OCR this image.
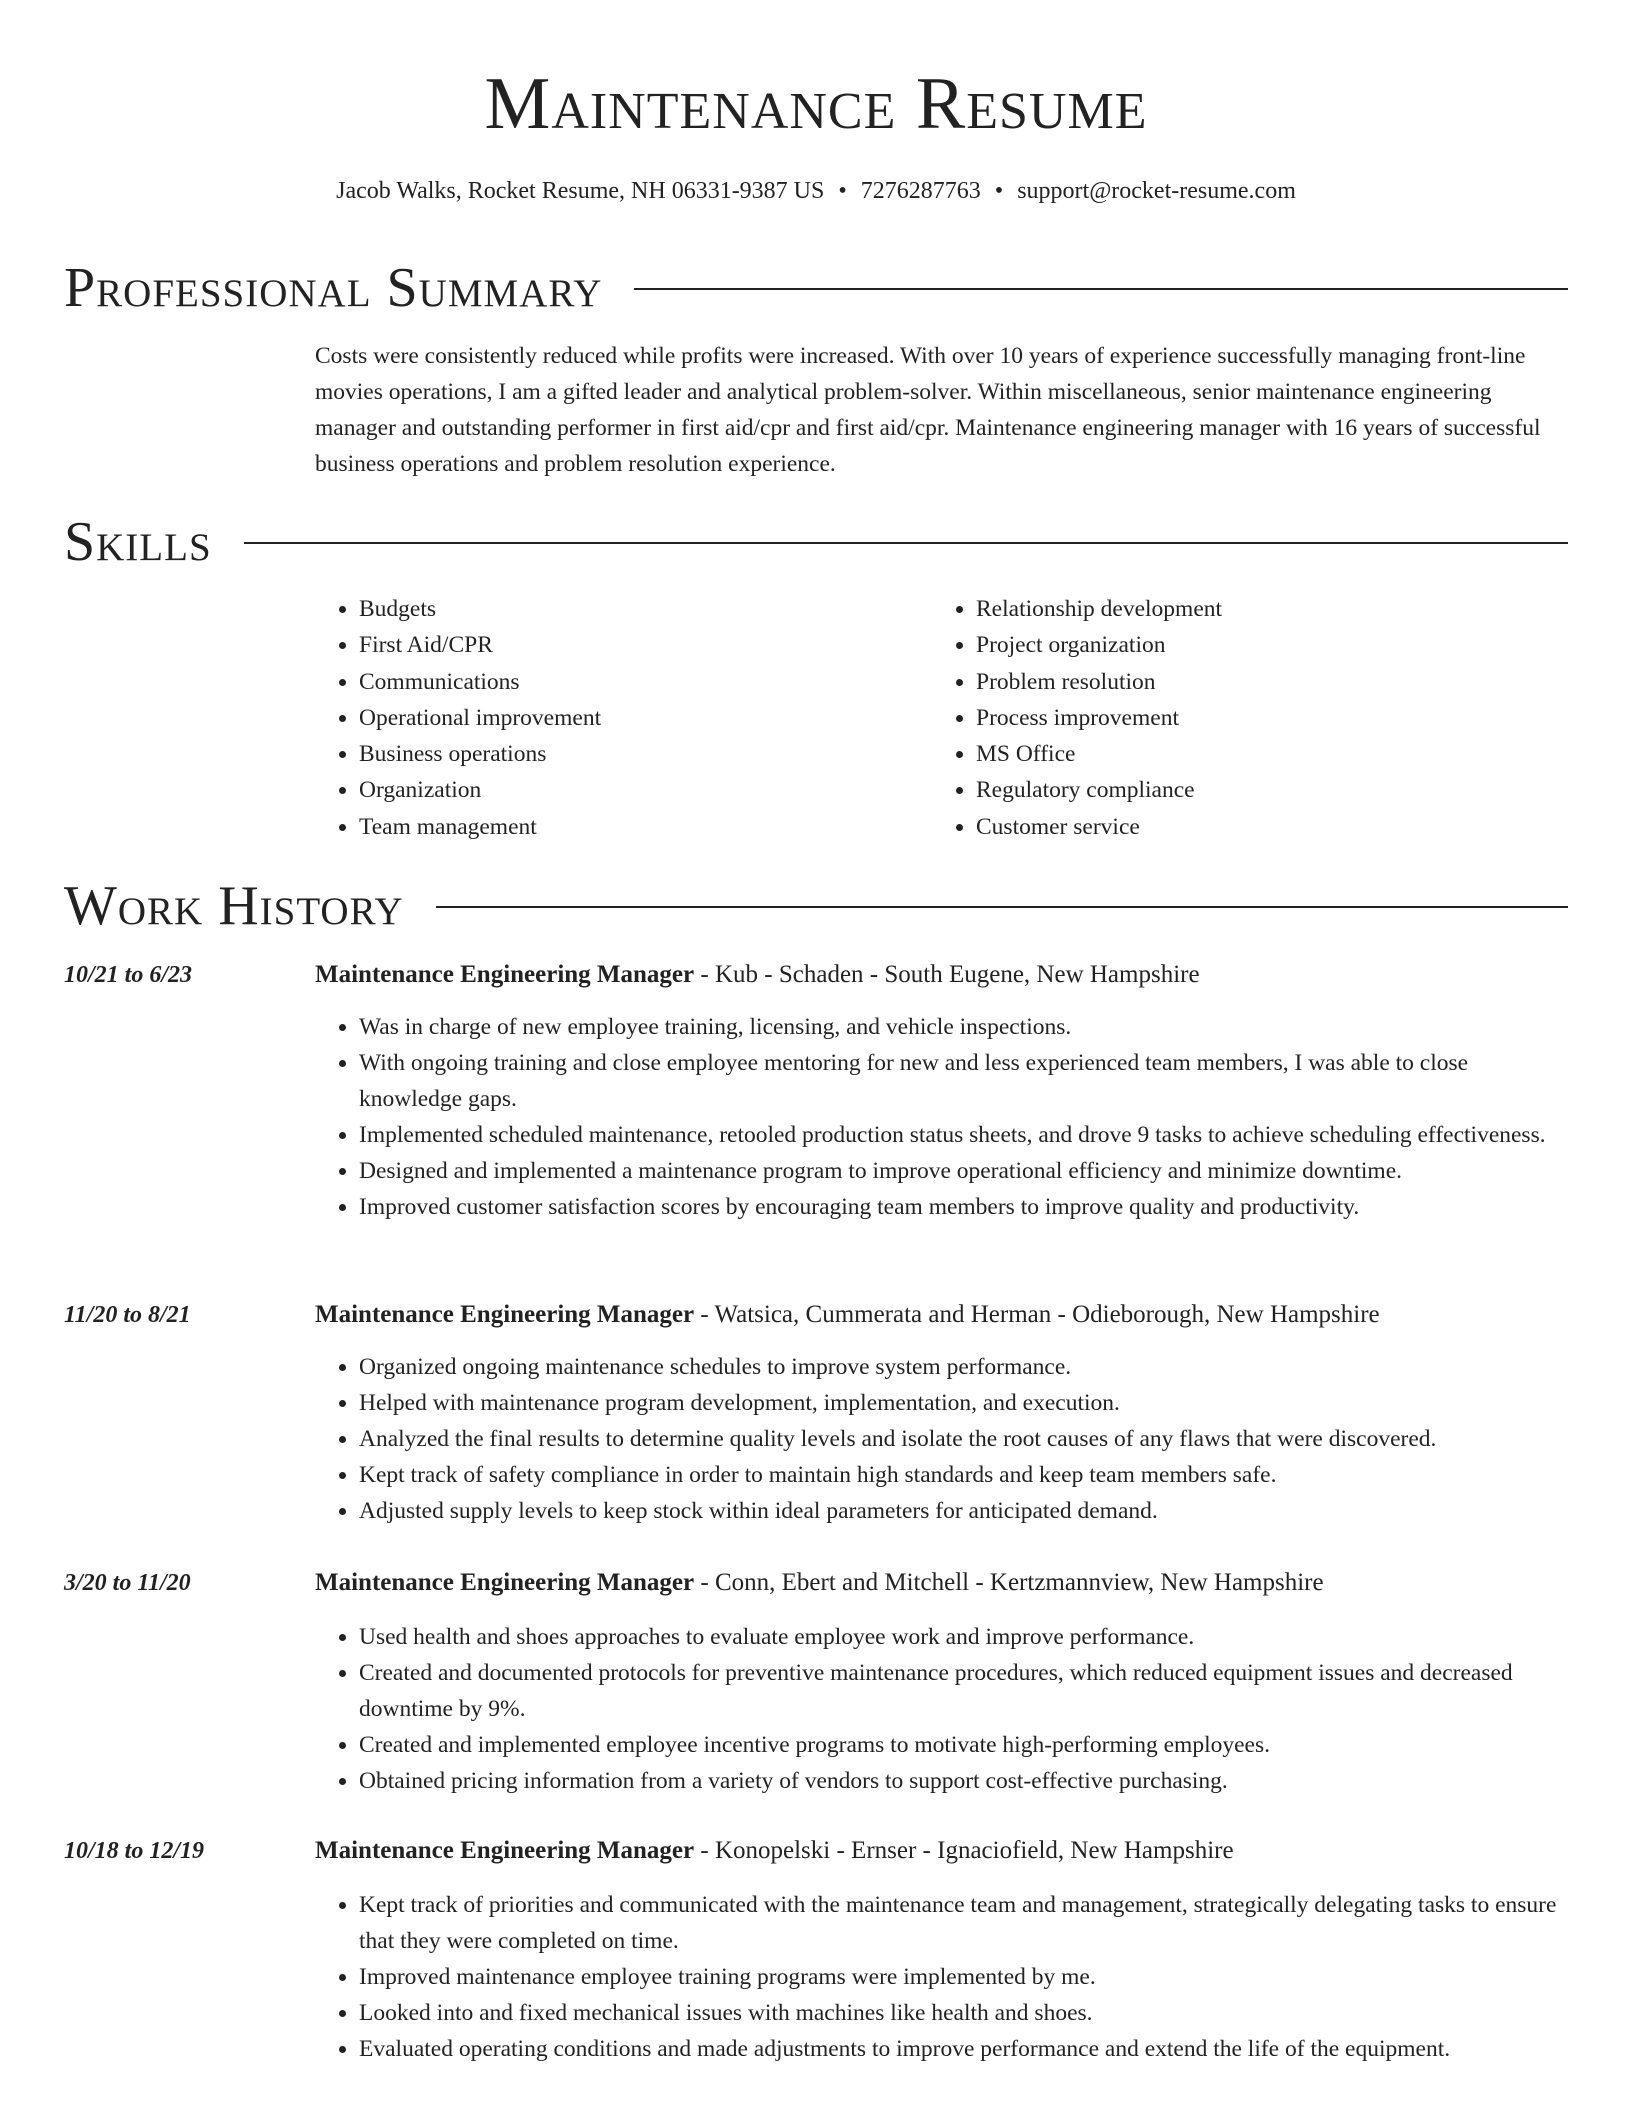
Maintenance Resume
Jacob Walks, Rocket Resume, NH 06331-9387 US • 7276287763 • support@rocket-resume.com
Professional Summary
Costs were consistently reduced while profits were increased. With over 10 years of experience successfully managing front-line movies operations, I am a gifted leader and analytical problem-solver. Within miscellaneous, senior maintenance engineering manager and outstanding performer in first aid/cpr and first aid/cpr. Maintenance engineering manager with 16 years of successful business operations and problem resolution experience.
Skills
• Budgets
• First Aid/CPR
• Communications
• Operational improvement
• Business operations
• Organization
• Team management
• Relationship development
• Project organization
• Problem resolution
• Process improvement
• MS Office
• Regulatory compliance
• Customer service
Work History
10/21 to 6/23	Maintenance Engineering Manager - Kub - Schaden - South Eugene, New Hampshire
• Was in charge of new employee training, licensing, and vehicle inspections.
• With ongoing training and close employee mentoring for new and less experienced team members, I was able to close knowledge gaps.
• Implemented scheduled maintenance, retooled production status sheets, and drove 9 tasks to achieve scheduling effectiveness.
• Designed and implemented a maintenance program to improve operational efficiency and minimize downtime.
• Improved customer satisfaction scores by encouraging team members to improve quality and productivity.
11/20 to 8/21	Maintenance Engineering Manager - Watsica, Cummerata and Herman - Odieborough, New Hampshire
• Organized ongoing maintenance schedules to improve system performance.
• Helped with maintenance program development, implementation, and execution.
• Analyzed the final results to determine quality levels and isolate the root causes of any flaws that were discovered.
• Kept track of safety compliance in order to maintain high standards and keep team members safe.
• Adjusted supply levels to keep stock within ideal parameters for anticipated demand.
3/20 to 11/20	Maintenance Engineering Manager - Conn, Ebert and Mitchell - Kertzmannview, New Hampshire
• Used health and shoes approaches to evaluate employee work and improve performance.
• Created and documented protocols for preventive maintenance procedures, which reduced equipment issues and decreased downtime by 9%.
• Created and implemented employee incentive programs to motivate high-performing employees.
• Obtained pricing information from a variety of vendors to support cost-effective purchasing.
10/18 to 12/19	Maintenance Engineering Manager - Konopelski - Ernser - Ignaciofield, New Hampshire
• Kept track of priorities and communicated with the maintenance team and management, strategically delegating tasks to ensure that they were completed on time.
• Improved maintenance employee training programs were implemented by me.
• Looked into and fixed mechanical issues with machines like health and shoes.
• Evaluated operating conditions and made adjustments to improve performance and extend the life of the equipment.
